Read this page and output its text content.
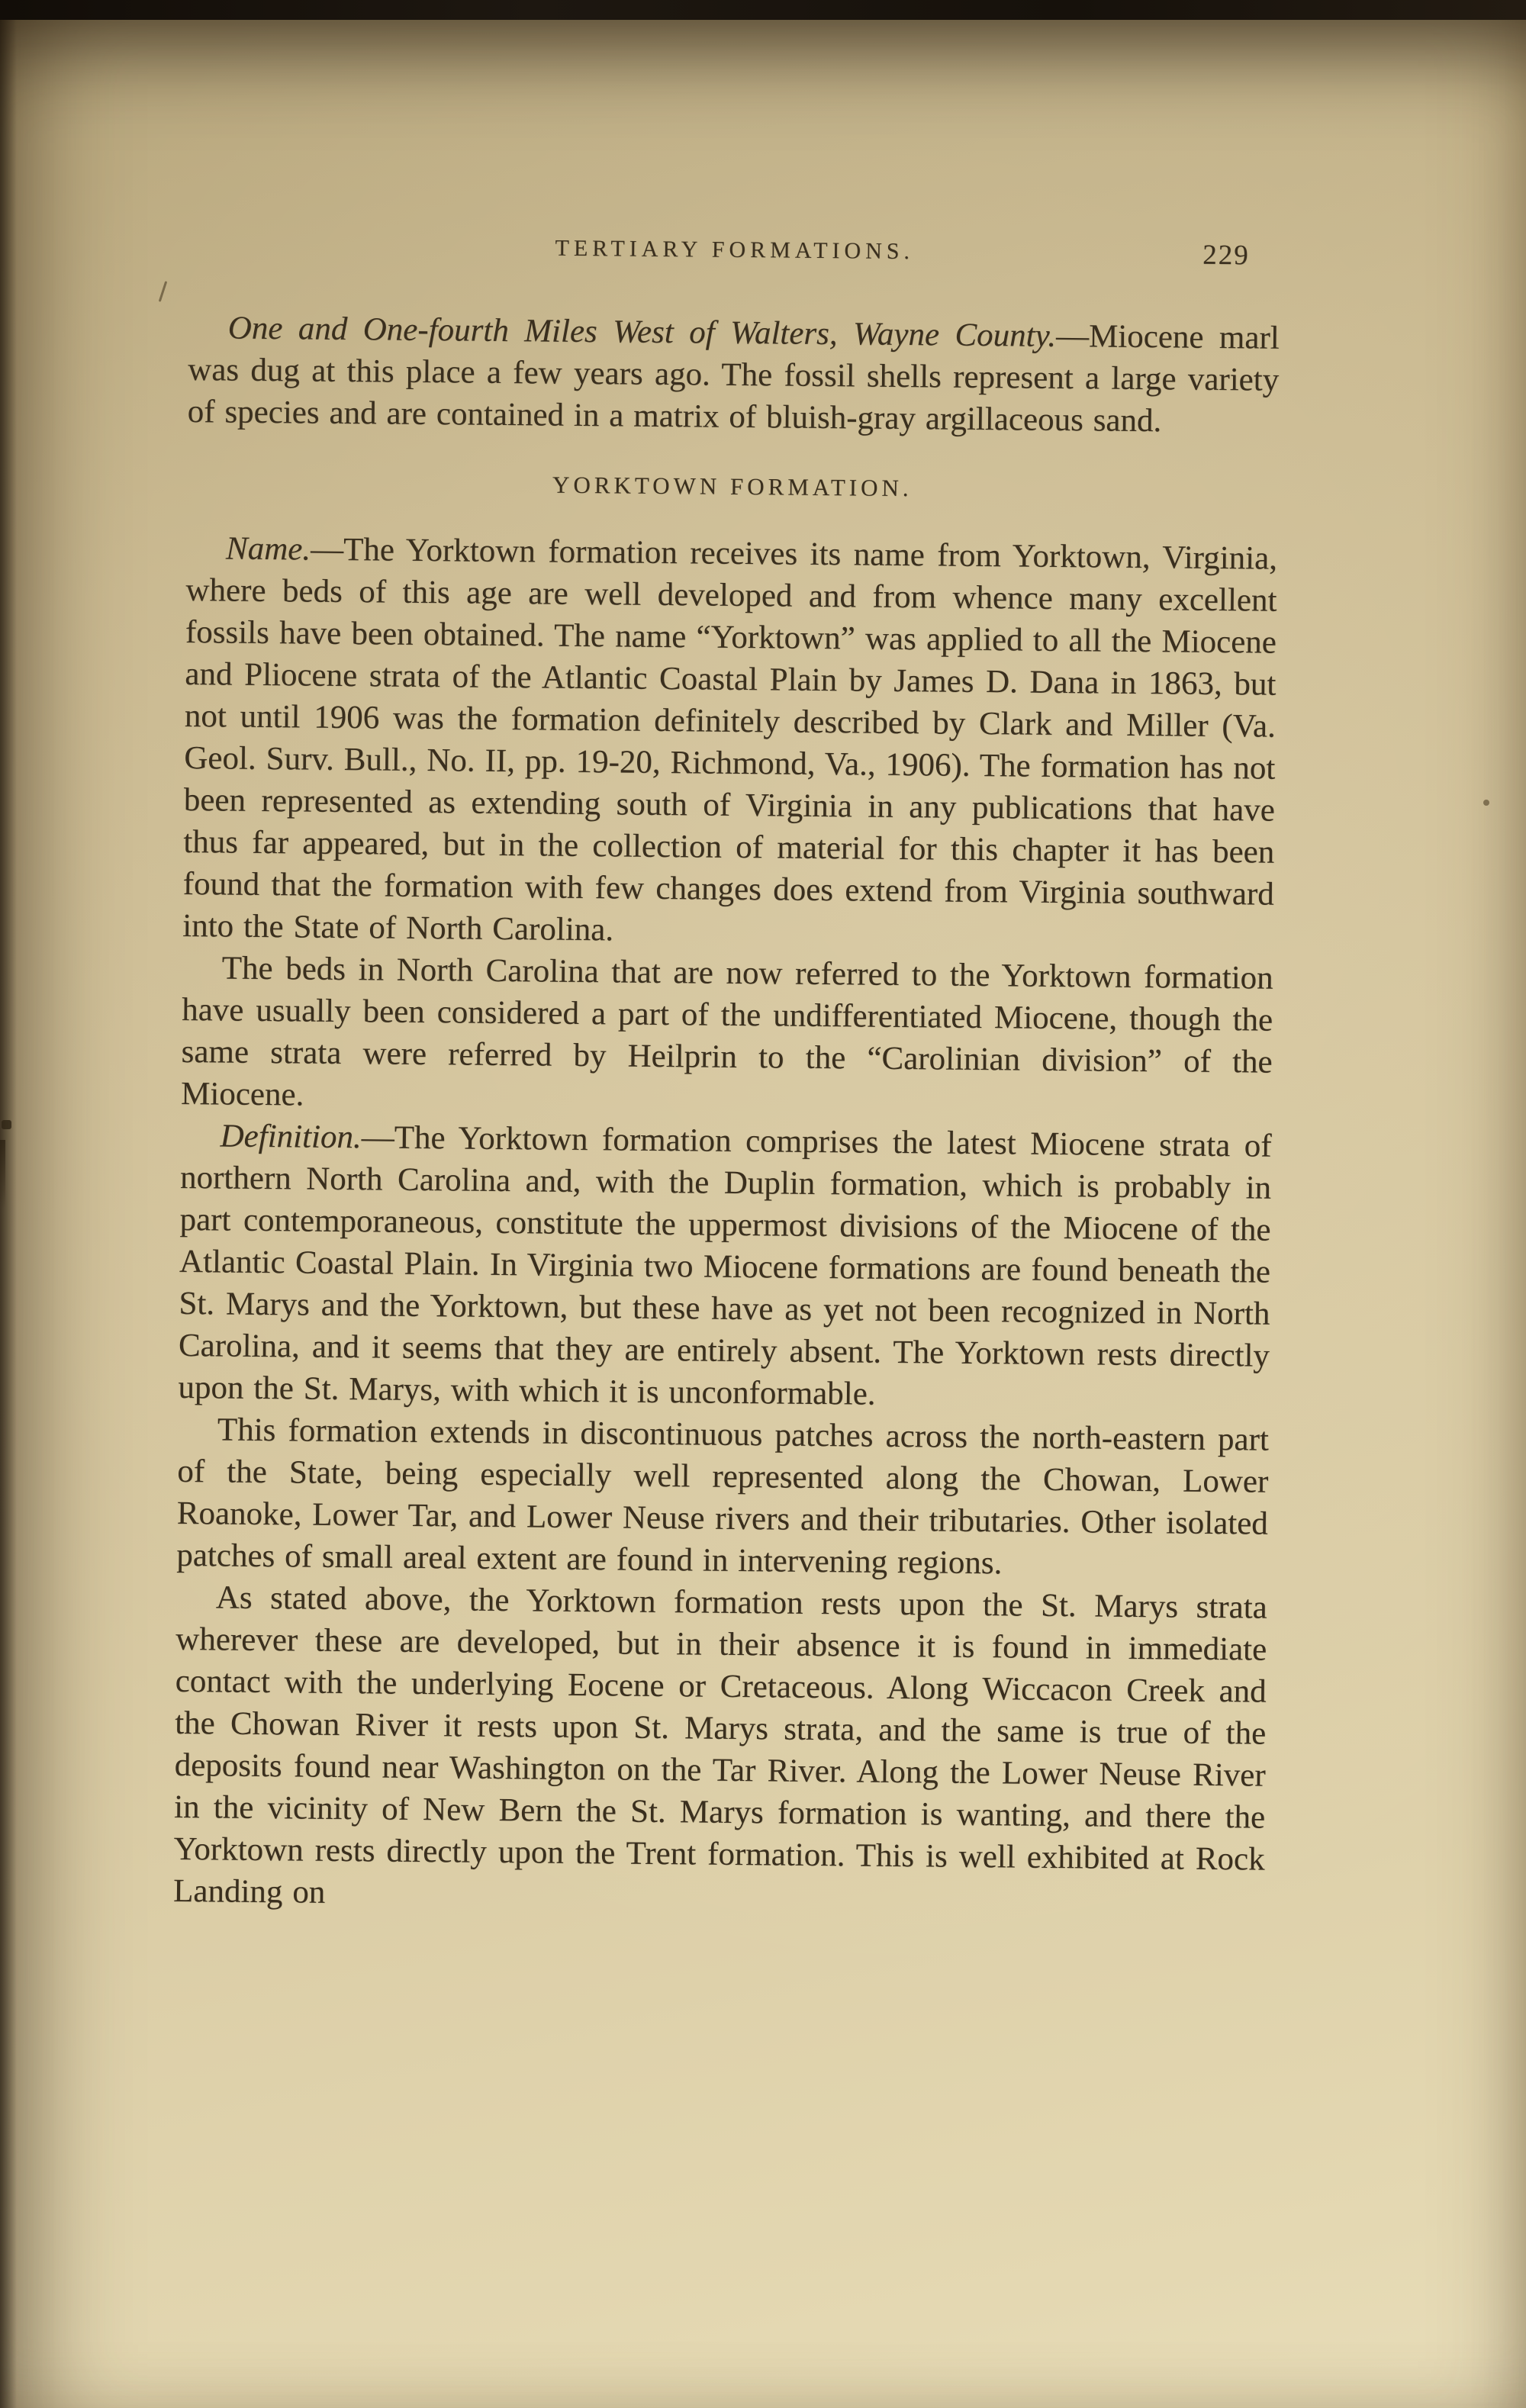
TERTIARY FORMATIONS.	229

One and One-fourth Miles West of Walters, Wayne County.—Miocene marl was dug at this place a few years ago. The fossil shells represent a large variety of species and are contained in a matrix of bluish-gray argillaceous sand.

YORKTOWN FORMATION.

Name.—The Yorktown formation receives its name from Yorktown, Virginia, where beds of this age are well developed and from whence many excellent fossils have been obtained. The name “Yorktown” was applied to all the Miocene and Pliocene strata of the Atlantic Coastal Plain by James D. Dana in 1863, but not until 1906 was the formation definitely described by Clark and Miller (Va. Geol. Surv. Bull., No. II, pp. 19-20, Richmond, Va., 1906). The formation has not been represented as extending south of Virginia in any publications that have thus far appeared, but in the collection of material for this chapter it has been found that the formation with few changes does extend from Virginia southward into the State of North Carolina.

The beds in North Carolina that are now referred to the Yorktown formation have usually been considered a part of the undifferentiated Miocene, though the same strata were referred by Heilprin to the “Carolinian division” of the Miocene.

Definition.—The Yorktown formation comprises the latest Miocene strata of northern North Carolina and, with the Duplin formation, which is probably in part contemporaneous, constitute the uppermost divisions of the Miocene of the Atlantic Coastal Plain. In Virginia two Miocene formations are found beneath the St. Marys and the Yorktown, but these have as yet not been recognized in North Carolina, and it seems that they are entirely absent. The Yorktown rests directly upon the St. Marys, with which it is unconformable.

This formation extends in discontinuous patches across the north-eastern part of the State, being especially well represented along the Chowan, Lower Roanoke, Lower Tar, and Lower Neuse rivers and their tributaries. Other isolated patches of small areal extent are found in intervening regions.

As stated above, the Yorktown formation rests upon the St. Marys strata wherever these are developed, but in their absence it is found in immediate contact with the underlying Eocene or Cretaceous. Along Wiccacon Creek and the Chowan River it rests upon St. Marys strata, and the same is true of the deposits found near Washington on the Tar River. Along the Lower Neuse River in the vicinity of New Bern the St. Marys formation is wanting, and there the Yorktown rests directly upon the Trent formation. This is well exhibited at Rock Landing on
